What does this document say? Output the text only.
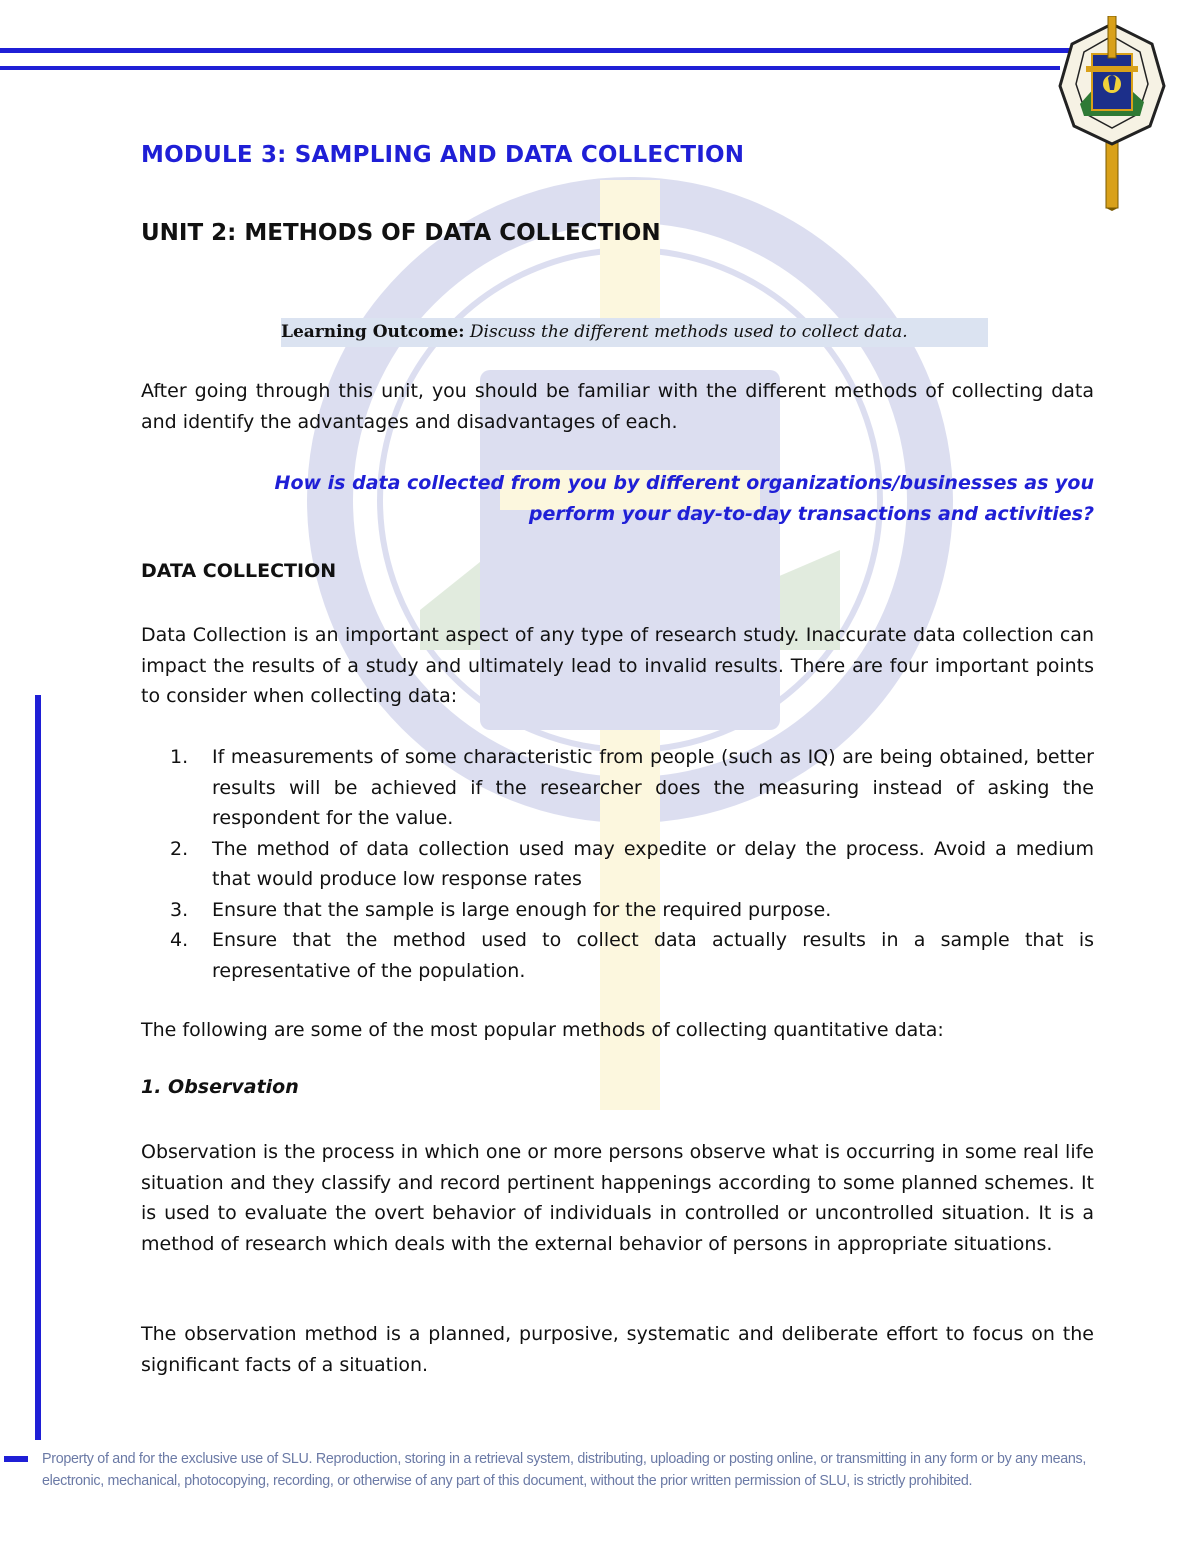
MODULE 3: SAMPLING AND DATA COLLECTION
UNIT 2: METHODS OF DATA COLLECTION
Learning Outcome: Discuss the different methods used to collect data.
After going through this unit, you should be familiar with the different methods of collecting data and identify the advantages and disadvantages of each.
How is data collected from you by different organizations/businesses as you
perform your day-to-day transactions and activities?
DATA COLLECTION
Data Collection is an important aspect of any type of research study. Inaccurate data collection can impact the results of a study and ultimately lead to invalid results. There are four important points to consider when collecting data:
1.	If measurements of some characteristic from people (such as IQ) are being obtained, better results will be achieved if the researcher does the measuring instead of asking the respondent for the value.
2.	The method of data collection used may expedite or delay the process. Avoid a medium that would produce low response rates
3.	Ensure that the sample is large enough for the required purpose.
4.	Ensure that the method used to collect data actually results in a sample that is representative of the population.
The following are some of the most popular methods of collecting quantitative data:
1. Observation
Observation is the process in which one or more persons observe what is occurring in some real life situation and they classify and record pertinent happenings according to some planned schemes. It is used to evaluate the overt behavior of individuals in controlled or uncontrolled situation. It is a method of research which deals with the external behavior of persons in appropriate situations.
The observation method is a planned, purposive, systematic and deliberate effort to focus on the significant facts of a situation.
Property of and for the exclusive use of SLU. Reproduction, storing in a retrieval system, distributing, uploading or posting online, or transmitting in any form or by any means, electronic, mechanical, photocopying, recording, or otherwise of any part of this document, without the prior written permission of SLU, is strictly prohibited.
